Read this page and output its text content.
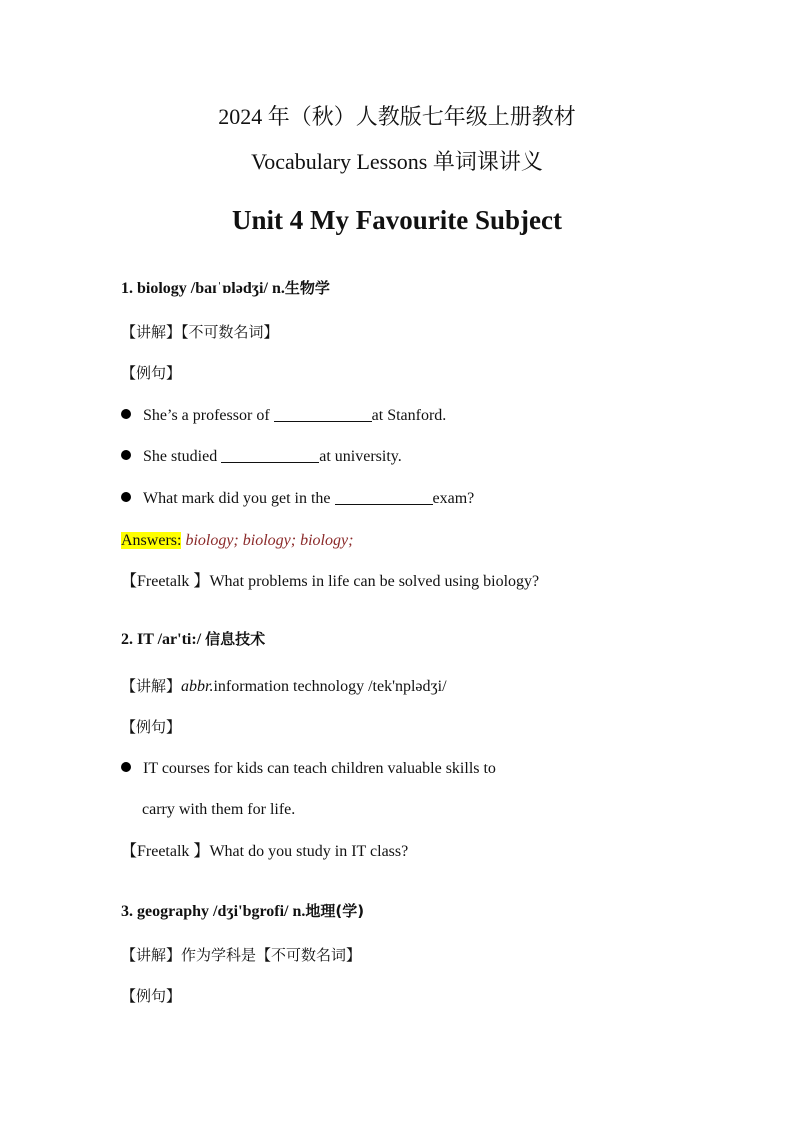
2024 年（秋）人教版七年级上册教材
Vocabulary Lessons 单词课讲义
Unit 4 My Favourite Subject
1. biology /baɪˈɒlәdʒi/ n.生物学
【讲解】【不可数名词】
【例句】
She’s a professor of	at Stanford.
She studied	at university.
What mark did you get in the	exam?
Answers: biology; biology; biology;
【Freetalk 】What problems in life can be solved using biology?
2. IT /ar'ti:/ 信息技术
【讲解】abbr.information technology /tek'nplədʒi/
【例句】
IT courses for kids can teach children valuable skills to
carry with them for life.
【Freetalk 】What do you study in IT class?
3. geography /dʒi'bgrofi/ n.地理(学)
【讲解】作为学科是【不可数名词】
【例句】
